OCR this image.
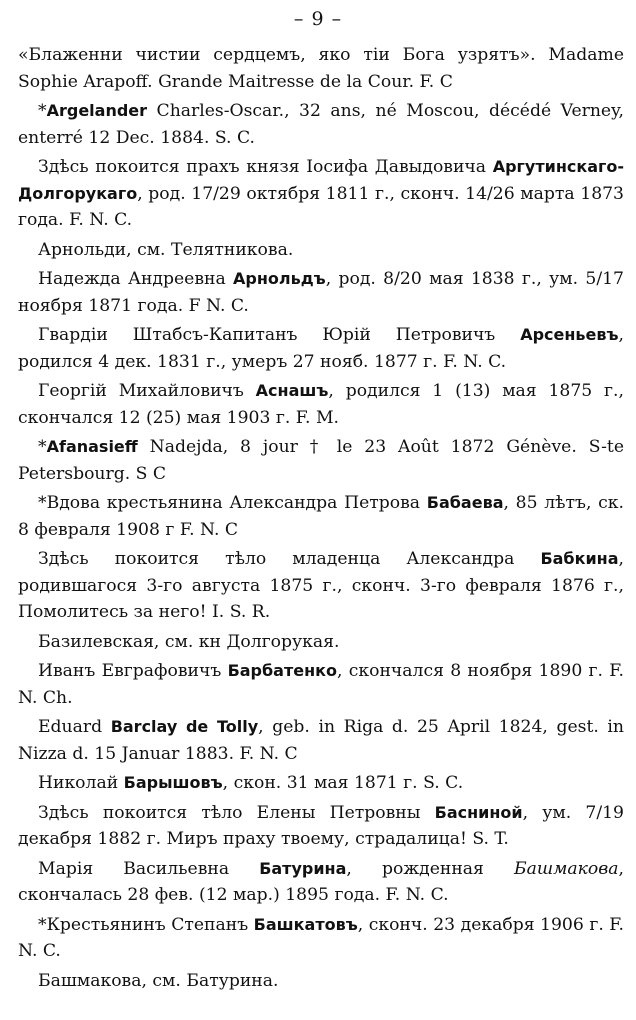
– 9 –

«Блаженни чистии сердцемъ, яко тіи Бога узрятъ». Madame Sophie Arapoff. Grande Maitresse de la Cour. F. C

*Argelander Charles-Oscar., 32 ans, né Moscou, décédé Verney, enterré 12 Dec. 1884. S. C.

Здѣсь покоится прахъ князя Іосифа Давыдовича Аргутинскаго-Долгорукаго, род. 17/29 октября 1811 г., сконч. 14/26 марта 1873 года. F. N. C.

Арнольди, см. Телятникова.

Надежда Андреевна Арнольдъ, род. 8/20 мая 1838 г., ум. 5/17 ноября 1871 года. F N. C.

Гвардіи Штабсъ-Капитанъ Юрій Петровичъ Арсеньевъ, родился 4 дек. 1831 г., умеръ 27 нояб. 1877 г. F. N. C.

Георгій Михайловичъ Аснашъ, родился 1 (13) мая 1875 г., скончался 12 (25) мая 1903 г. F. M.

*Afanasieff Nadejda, 8 jour † le 23 Août 1872 Génève. S-te Petersbourg. S C

*Вдова крестьянина Александра Петрова Бабаева, 85 лѣтъ, ск. 8 февраля 1908 г F. N. C

Здѣсь покоится тѣло младенца Александра Бабкина, родившагося 3-го августа 1875 г., сконч. 3-го февраля 1876 г., Помолитесь за него! I. S. R.

Базилевская, см. кн Долгорукая.

Иванъ Евграфовичъ Барбатенко, скончался 8 ноября 1890 г. F. N. Ch.

Eduard Barclay de Tolly, geb. in Riga d. 25 April 1824, gest. in Nizza d. 15 Januar 1883. F. N. C

Николай Барышовъ, скон. 31 мая 1871 г. S. C.

Здѣсь покоится тѣло Елены Петровны Басниной, ум. 7/19 декабря 1882 г. Миръ праху твоему, страдалица! S. T.

Марія Васильевна Батурина, рожденная Башмакова, скончалась 28 фев. (12 мар.) 1895 года. F. N. C.

*Крестьянинъ Степанъ Башкатовъ, сконч. 23 декабря 1906 г. F. N. C.

Башмакова, см. Батурина.
